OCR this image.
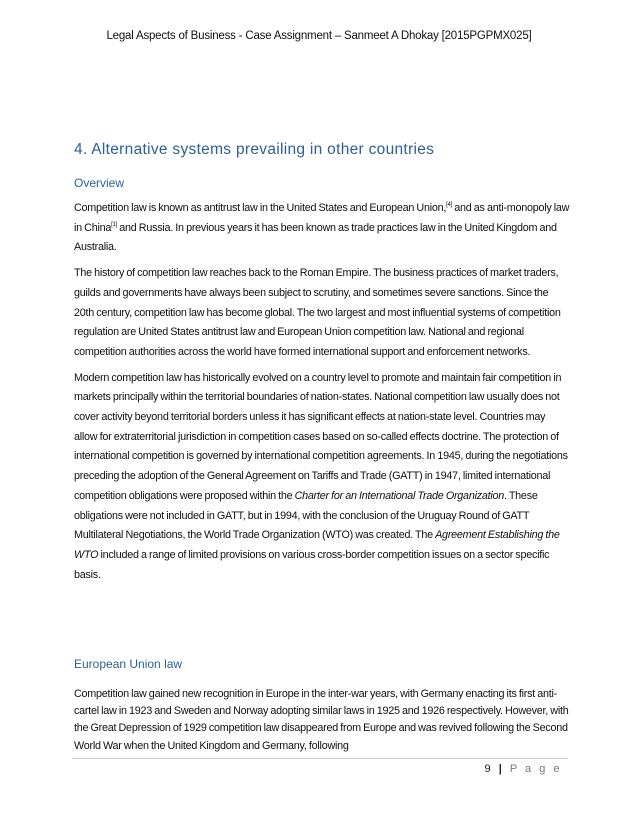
Legal Aspects of Business - Case Assignment – Sanmeet A Dhokay [2015PGPMX025]
4. Alternative systems prevailing in other countries
Overview

Competition law is known as antitrust law in the United States and European Union,[4] and as anti-monopoly law in China[1] and Russia. In previous years it has been known as trade practices law in the United Kingdom and Australia.

The history of competition law reaches back to the Roman Empire. The business practices of market traders, guilds and governments have always been subject to scrutiny, and sometimes severe sanctions. Since the 20th century, competition law has become global. The two largest and most influential systems of competition regulation are United States antitrust law and European Union competition law. National and regional competition authorities across the world have formed international support and enforcement networks.

Modern competition law has historically evolved on a country level to promote and maintain fair competition in markets principally within the territorial boundaries of nation-states. National competition law usually does not cover activity beyond territorial borders unless it has significant effects at nation-state level. Countries may allow for extraterritorial jurisdiction in competition cases based on so-called effects doctrine. The protection of international competition is governed by international competition agreements. In 1945, during the negotiations preceding the adoption of the General Agreement on Tariffs and Trade (GATT) in 1947, limited international competition obligations were proposed within the Charter for an International Trade Organization. These obligations were not included in GATT, but in 1994, with the conclusion of the Uruguay Round of GATT Multilateral Negotiations, the World Trade Organization (WTO) was created. The Agreement Establishing the WTO included a range of limited provisions on various cross-border competition issues on a sector specific basis.

European Union law

Competition law gained new recognition in Europe in the inter-war years, with Germany enacting its first anti-cartel law in 1923 and Sweden and Norway adopting similar laws in 1925 and 1926 respectively. However, with the Great Depression of 1929 competition law disappeared from Europe and was revived following the Second World War when the United Kingdom and Germany, following

9 | P a g e
